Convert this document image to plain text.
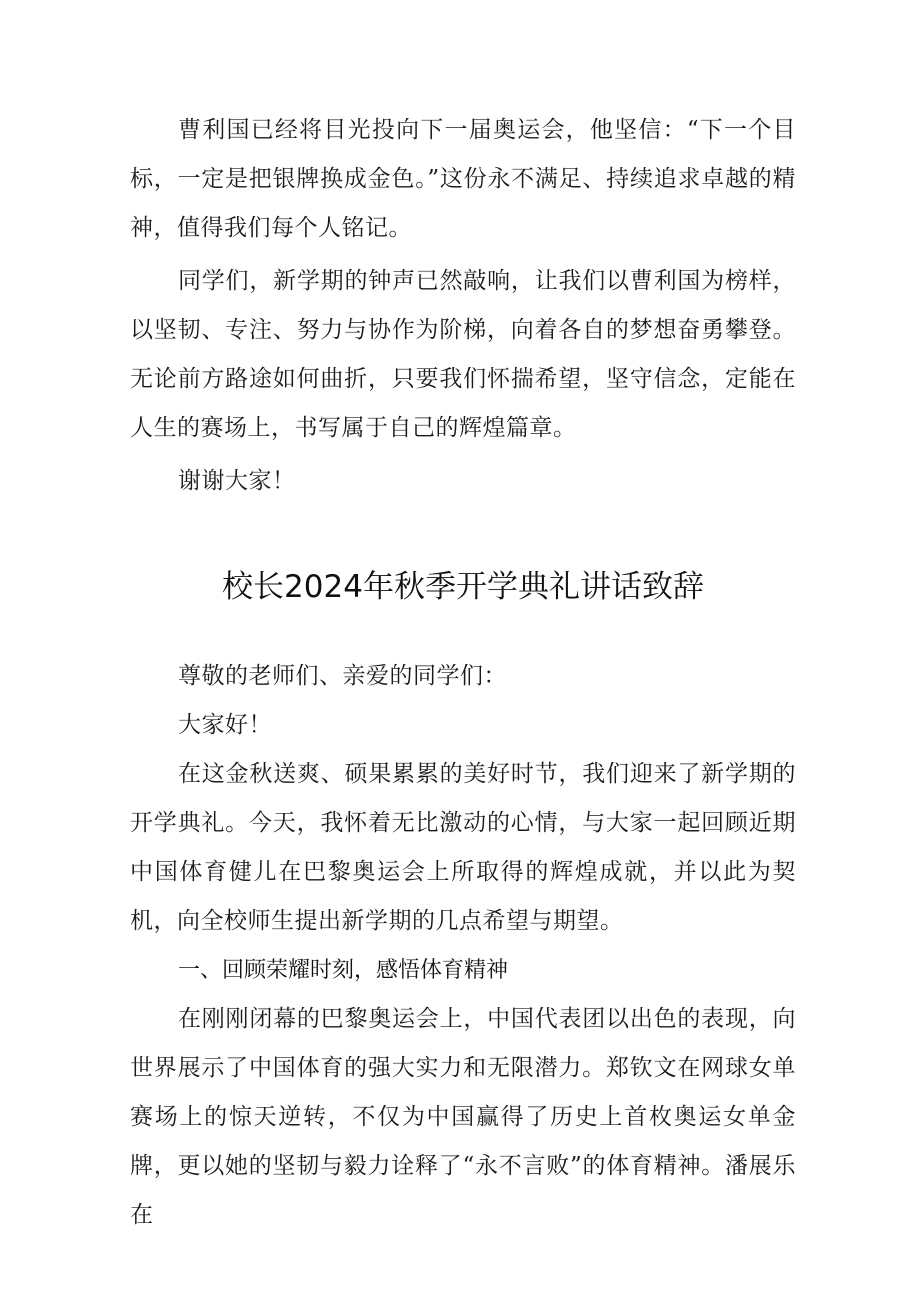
曹利国已经将目光投向下一届奥运会，他坚信：“下一个目标，一定是把银牌换成金色。”这份永不满足、持续追求卓越的精神，值得我们每个人铭记。

同学们，新学期的钟声已然敲响，让我们以曹利国为榜样，以坚韧、专注、努力与协作为阶梯，向着各自的梦想奋勇攀登。无论前方路途如何曲折，只要我们怀揣希望，坚守信念，定能在人生的赛场上，书写属于自己的辉煌篇章。

谢谢大家！

校长2024年秋季开学典礼讲话致辞

尊敬的老师们、亲爱的同学们：

大家好！

在这金秋送爽、硕果累累的美好时节，我们迎来了新学期的开学典礼。今天，我怀着无比激动的心情，与大家一起回顾近期中国体育健儿在巴黎奥运会上所取得的辉煌成就，并以此为契机，向全校师生提出新学期的几点希望与期望。

一、回顾荣耀时刻，感悟体育精神

在刚刚闭幕的巴黎奥运会上，中国代表团以出色的表现，向世界展示了中国体育的强大实力和无限潜力。郑钦文在网球女单赛场上的惊天逆转，不仅为中国赢得了历史上首枚奥运女单金牌，更以她的坚韧与毅力诠释了“永不言败”的体育精神。潘展乐在
